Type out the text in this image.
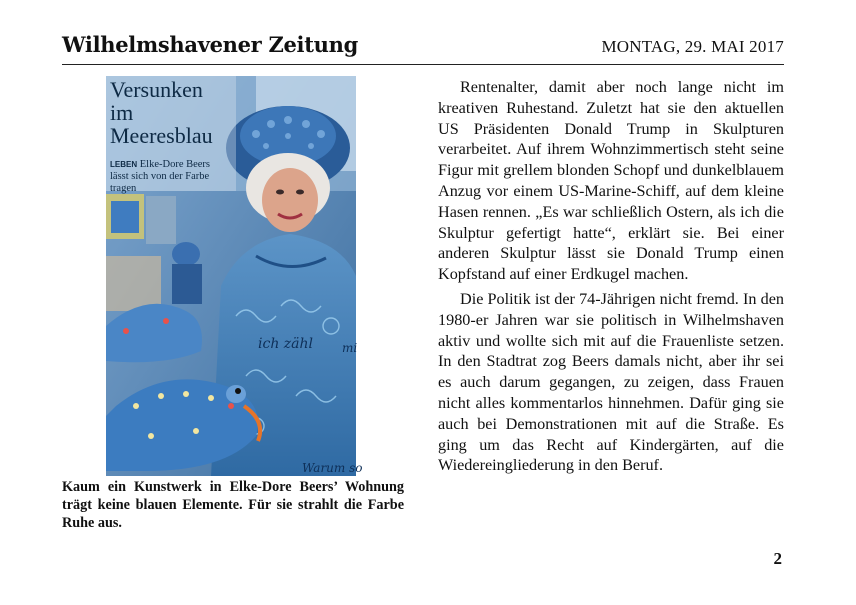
Wilhelmshavener Zeitung	MONTAG, 29. MAI 2017
ich zähl mi
Warum so
Versunken
im
Meeresblau
LEBEN Elke-Dore Beers lässt sich von der Farbe tragen
Kaum ein Kunstwerk in Elke-Dore Beers’ Wohnung trägt keine blauen Elemente. Für sie strahlt die Farbe Ruhe aus.

Rentenalter, damit aber noch lange nicht im kreativen Ruhestand. Zuletzt hat sie den aktuellen US Präsidenten Donald Trump in Skulpturen verarbeitet. Auf ihrem Wohnzimmertisch steht seine Figur mit grellem blonden Schopf und dunkelblauem Anzug vor einem US-Marine-Schiff, auf dem kleine Hasen rennen. „Es war schließlich Ostern, als ich die Skulptur gefertigt hatte“, erklärt sie. Bei einer anderen Skulptur lässt sie Donald Trump einen Kopfstand auf einer Erdkugel machen.

Die Politik ist der 74-Jährigen nicht fremd. In den 1980-er Jahren war sie politisch in Wilhelmshaven aktiv und wollte sich mit auf die Frauenliste setzen. In den Stadtrat zog Beers damals nicht, aber ihr sei es auch darum gegangen, zu zeigen, dass Frauen nicht alles kommentarlos hinnehmen. Dafür ging sie auch bei Demonstrationen mit auf die Straße. Es ging um das Recht auf Kindergärten, auf die Wiedereingliederung in den Beruf.

2
